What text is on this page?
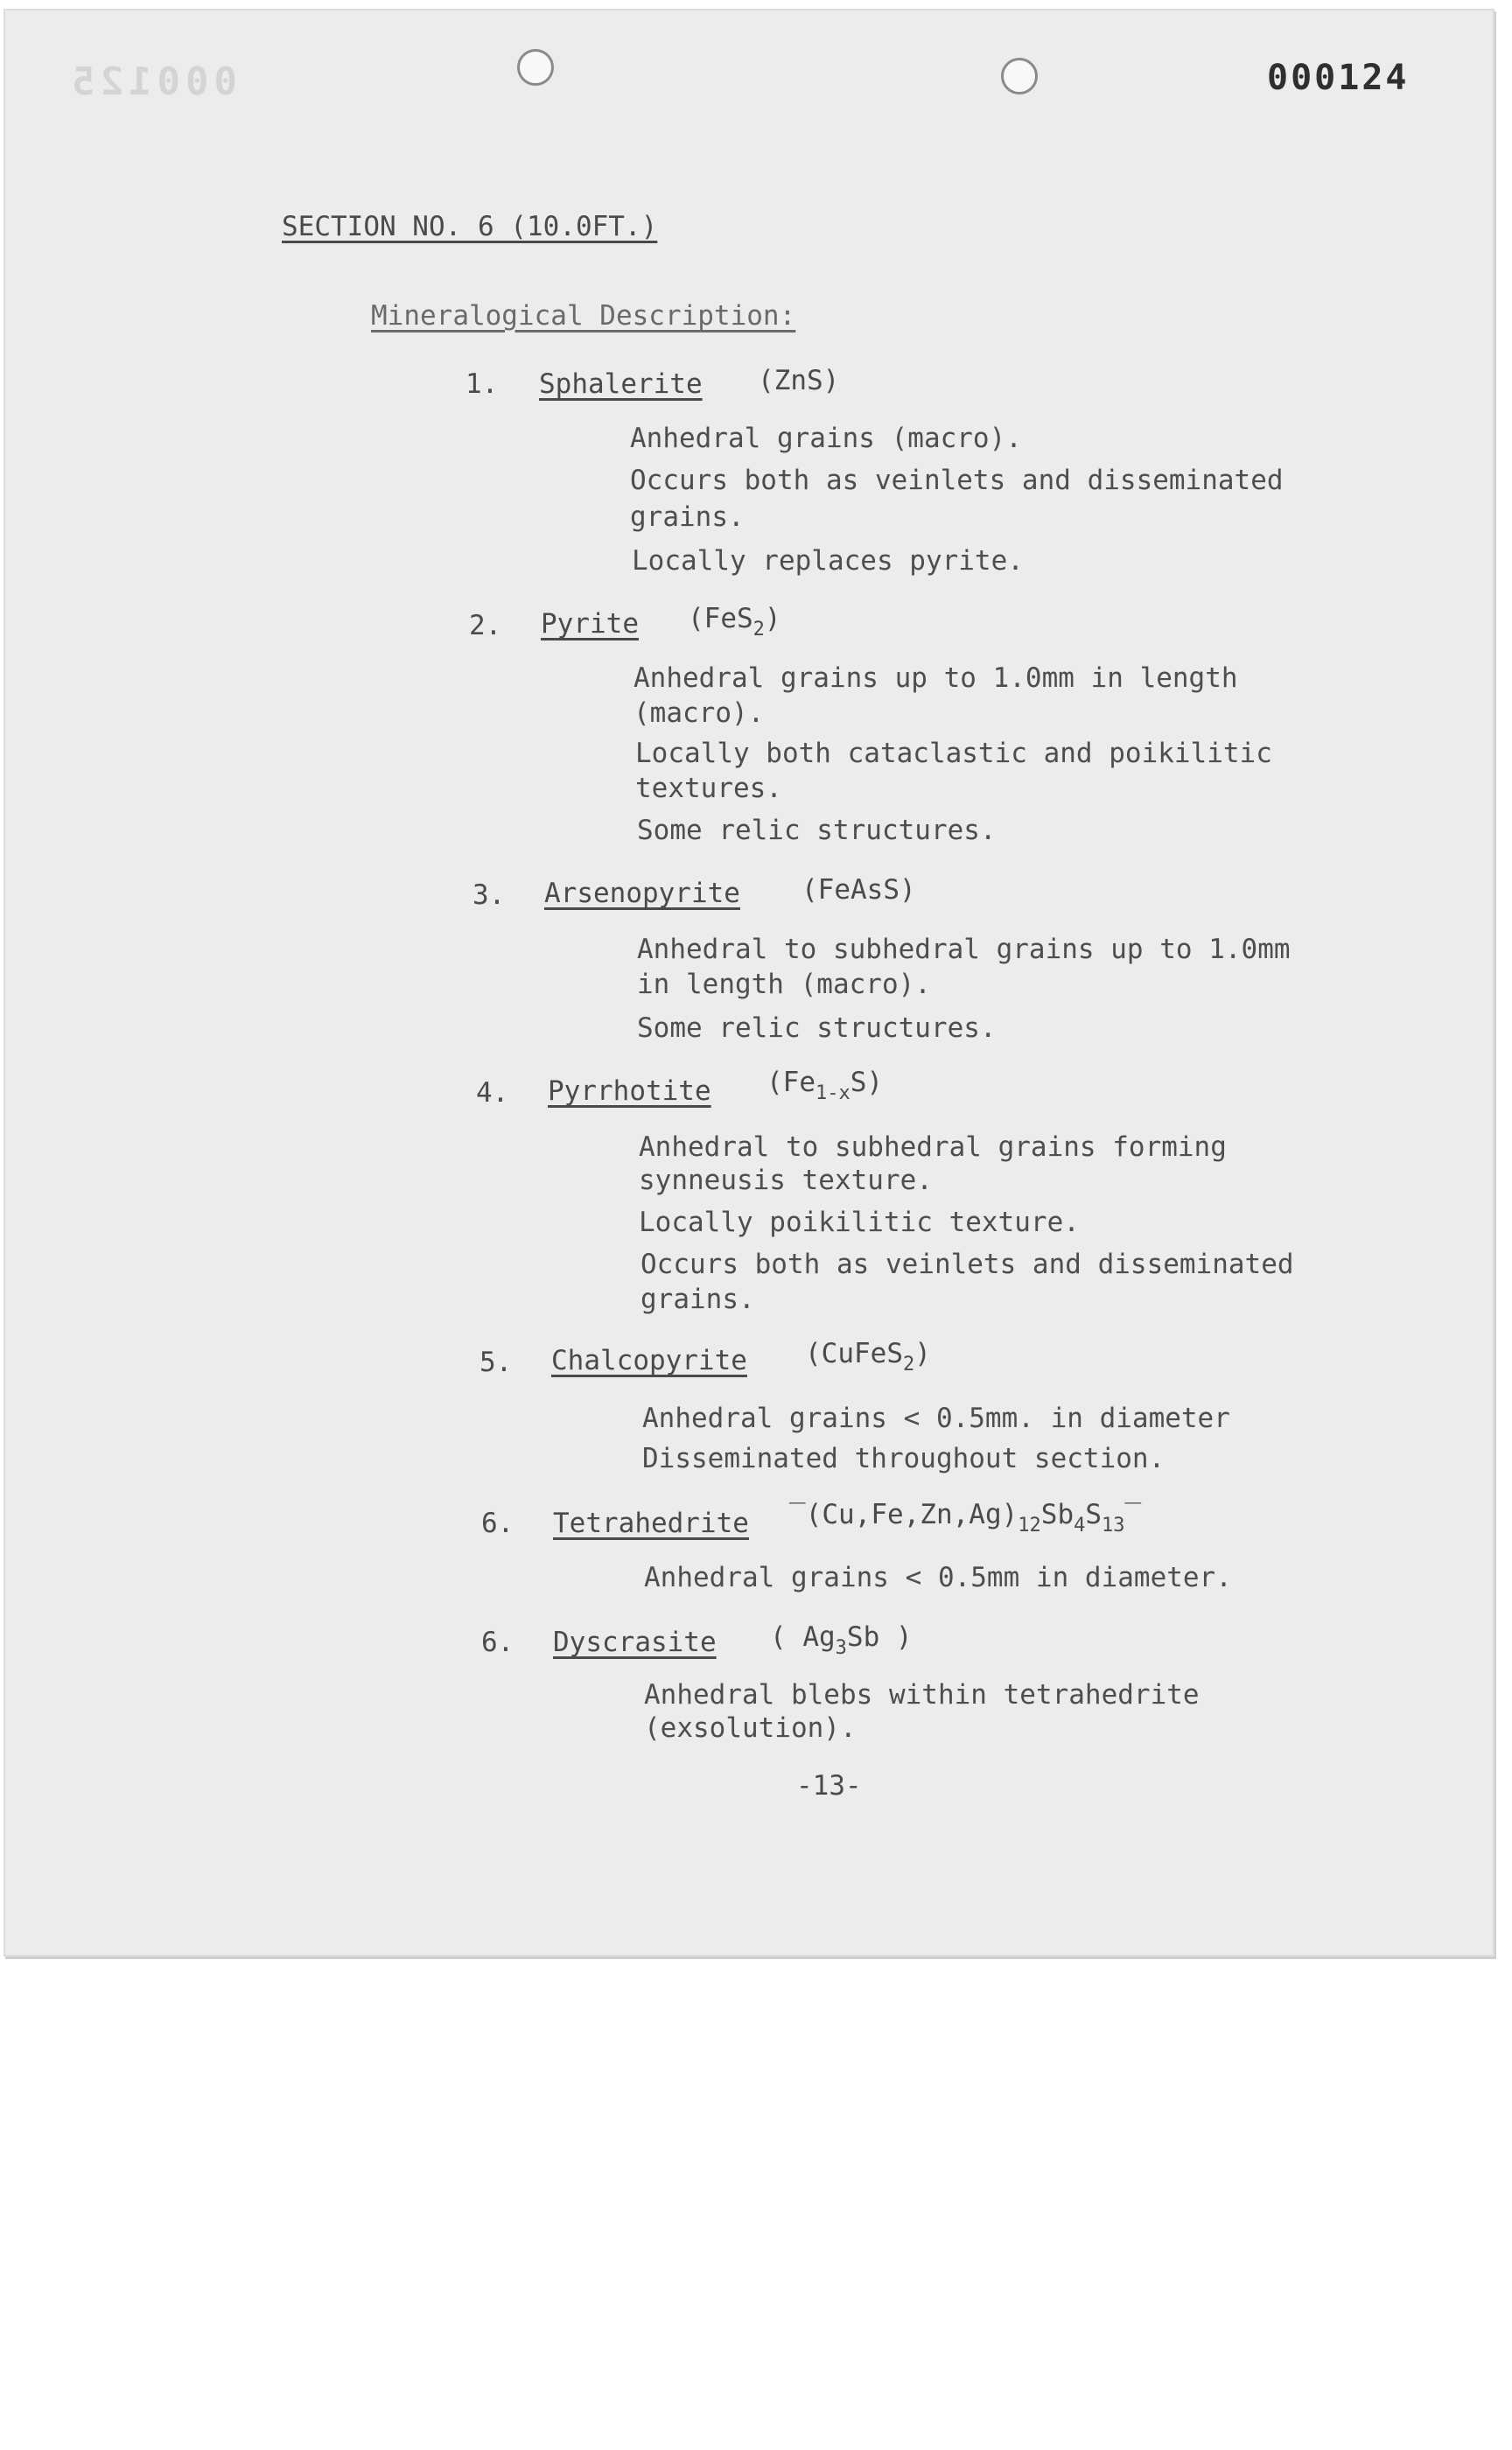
000125	000124
SECTION NO. 6 (10.0FT.)
Mineralogical Description:
1. Sphalerite (ZnS)
Anhedral grains (macro).
Occurs both as veinlets and disseminated
grains.
Locally replaces pyrite.
2. Pyrite (FeS$_2$)
Anhedral grains up to 1.0mm in length
(macro).
Locally both cataclastic and poikilitic
textures.
Some relic structures.
3. Arsenopyrite (FeAsS)
Anhedral to subhedral grains up to 1.0mm
in length (macro).
Some relic structures.
4. Pyrrhotite $(Fe_{1-x}S)$
Anhedral to subhedral grains forming
synneusis texture.
Locally poikilitic texture.
Occurs both as veinlets and disseminated
grains.
5. Chalcopyrite (CuFeS$_2$)
Anhedral grains < 0.5mm. in diameter
Disseminated throughout section.
6. Tetrahedrite $‾(Cu,Fe,Zn,Ag)_{12}Sb_4S_{13}‾$
Anhedral grains < 0.5mm in diameter.
6. Dyscrasite ( $Ag_3Sb$ )
Anhedral blebs within tetrahedrite
(exsolution).
-13-
